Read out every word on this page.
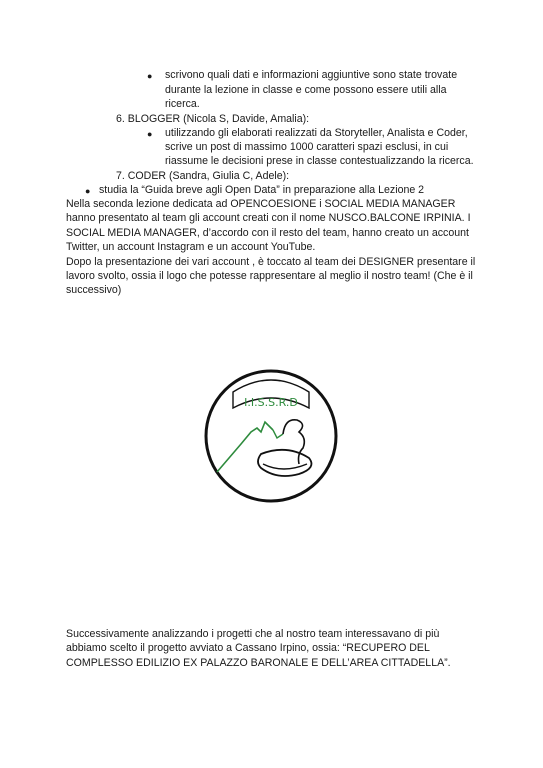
● scrivono quali dati e informazioni aggiuntive sono state trovate
durante la lezione in classe e come possono essere utili alla
ricerca.
6. BLOGGER (Nicola S, Davide, Amalia):
● utilizzando gli elaborati realizzati da Storyteller, Analista e Coder,
scrive un post di massimo 1000 caratteri spazi esclusi, in cui
riassume le decisioni prese in classe contestualizzando la ricerca.
7. CODER (Sandra, Giulia C, Adele):
● studia la “Guida breve agli Open Data” in preparazione alla Lezione 2
Nella seconda lezione dedicata ad OPENCOESIONE i SOCIAL MEDIA MANAGER
hanno presentato al team gli account creati con il nome NUSCO.BALCONE IRPINIA. I
SOCIAL MEDIA MANAGER, d’accordo con il resto del team, hanno creato un account
Twitter, un account Instagram e un account YouTube.
Dopo la presentazione dei vari account , è toccato al team dei DESIGNER presentare il
lavoro svolto, ossia il logo che potesse rappresentare al meglio il nostro team! (Che è il
successivo)
I.I.S.S.R.D
Successivamente analizzando i progetti che al nostro team interessavano di più
abbiamo scelto il progetto avviato a Cassano Irpino, ossia: “RECUPERO DEL
COMPLESSO EDILIZIO EX PALAZZO BARONALE E DELL’AREA CITTADELLA”.
